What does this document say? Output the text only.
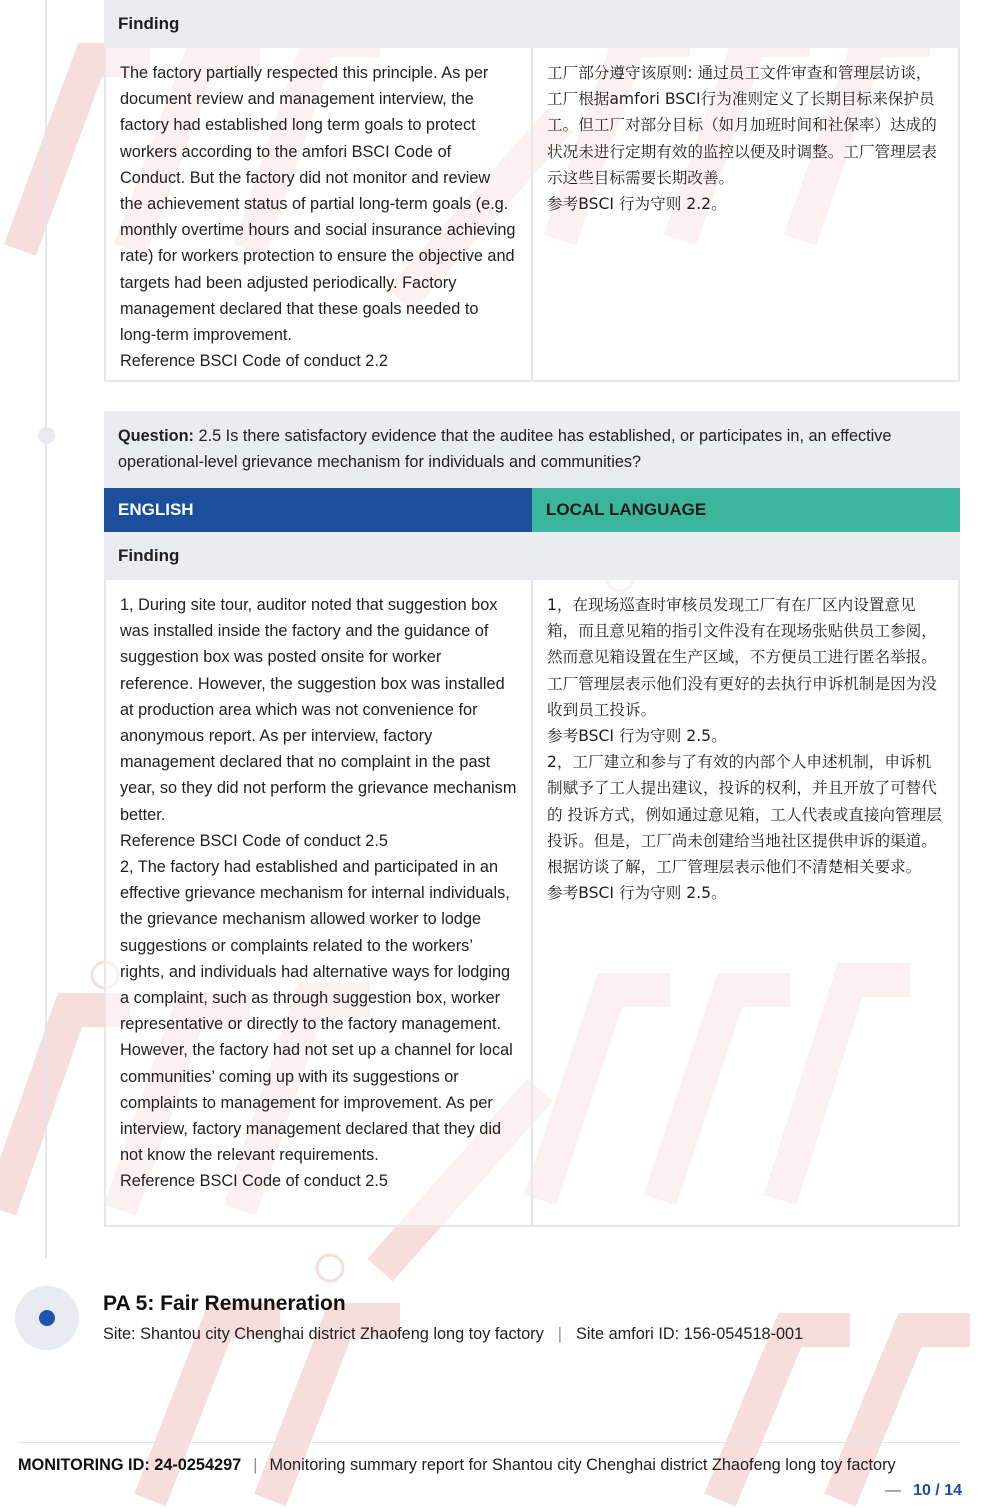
Finding
The factory partially respected this principle. As per document review and management interview, the factory had established long term goals to protect workers according to the amfori BSCI Code of Conduct. But the factory did not monitor and review the achievement status of partial long-term goals (e.g. monthly overtime hours and social insurance achieving rate) for workers protection to ensure the objective and targets had been adjusted periodically. Factory management declared that these goals needed to long-term improvement.
Reference BSCI Code of conduct 2.2
工厂部分遵守该原则: 通过员工文件审查和管理层访谈，工厂根据amfori BSCI行为准则定义了长期目标来保护员工。但工厂对部分目标（如月加班时间和社保率）达成的状况未进行定期有效的监控以便及时调整。工厂管理层表示这些目标需要长期改善。
参考BSCI 行为守则 2.2。
Question: 2.5 Is there satisfactory evidence that the auditee has established, or participates in, an effective operational-level grievance mechanism for individuals and communities?
ENGLISH	LOCAL LANGUAGE
Finding
1, During site tour, auditor noted that suggestion box was installed inside the factory and the guidance of suggestion box was posted onsite for worker reference. However, the suggestion box was installed at production area which was not convenience for anonymous report. As per interview, factory management declared that no complaint in the past year, so they did not perform the grievance mechanism better.
Reference BSCI Code of conduct 2.5
2, The factory had established and participated in an effective grievance mechanism for internal individuals, the grievance mechanism allowed worker to lodge suggestions or complaints related to the workers’ rights, and individuals had alternative ways for lodging a complaint, such as through suggestion box, worker representative or directly to the factory management. However, the factory had not set up a channel for local communities’ coming up with its suggestions or complaints to management for improvement. As per interview, factory management declared that they did not know the relevant requirements.
Reference BSCI Code of conduct 2.5
1，在现场巡查时审核员发现工厂有在厂区内设置意见箱，而且意见箱的指引文件没有在现场张贴供员工参阅，然而意见箱设置在生产区域，不方便员工进行匿名举报。工厂管理层表示他们没有更好的去执行申诉机制是因为没收到员工投诉。
参考BSCI 行为守则 2.5。
2，工厂建立和参与了有效的内部个人申述机制，申诉机制赋予了工人提出建议，投诉的权利，并且开放了可替代的 投诉方式，例如通过意见箱，工人代表或直接向管理层投诉。但是，工厂尚未创建给当地社区提供申诉的渠道。根据访谈了解，工厂管理层表示他们不清楚相关要求。
参考BSCI 行为守则 2.5。
PA 5: Fair Remuneration
Site: Shantou city Chenghai district Zhaofeng long toy factory | Site amfori ID: 156-054518-001
MONITORING ID: 24-0254297 | Monitoring summary report for Shantou city Chenghai district Zhaofeng long toy factory
— 10 / 14
